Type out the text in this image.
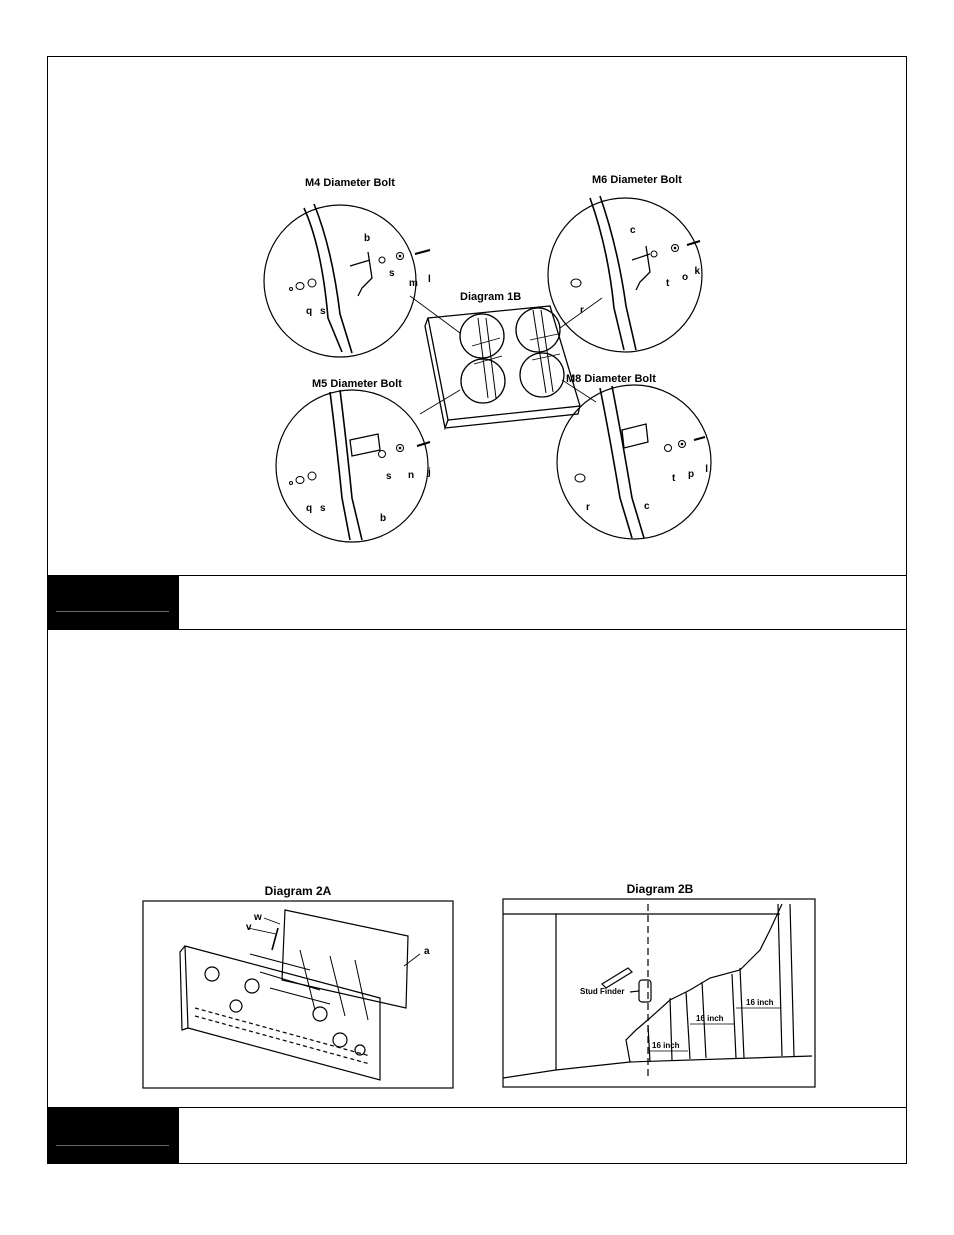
M4 Diameter Bolt
b
s
m l
q s
M6 Diameter Bolt
c
t
o
k
r
Diagram 1B
M5 Diameter Bolt
s n j
q s
b
M8 Diameter Bolt
t p l
r	c
Diagram 2A
w
v
a
Diagram 2B
Stud Finder
16 inch
16 inch
16 inch
